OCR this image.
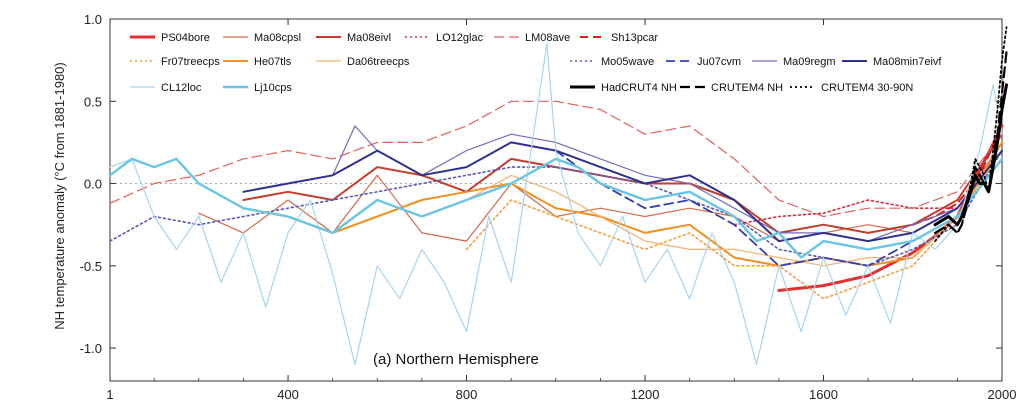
1	400	800	1200	1600	2000
1.0
0.5
0.0
-0.5
-1.0
PS04bore	Ma08cpsl	Ma08eivl	LO12glac	LM08ave	Sh13pcar
Fr07treecps	He07tls	Da06treecps	Mo05wave	Ju07cvm	Ma09regm	Ma08min7eivf
CL12loc	Lj10cps	HadCRUT4 NH	CRUTEM4 NH	CRUTEM4 30-90N
NH temperature anomaly (°C from 1881-1980)
(a) Northern Hemisphere
